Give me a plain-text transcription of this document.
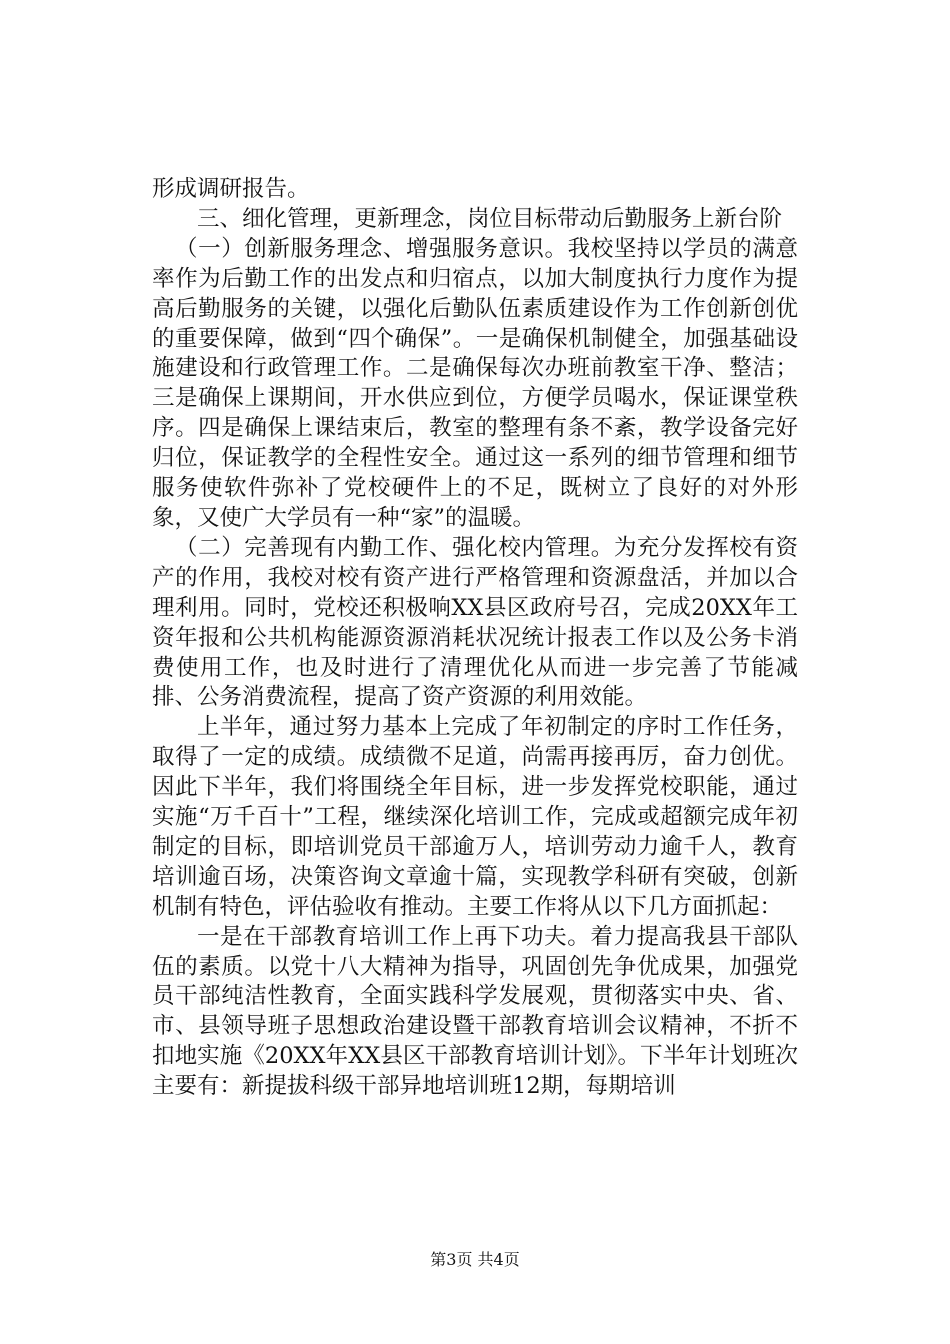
形成调研报告。

三、细化管理，更新理念，岗位目标带动后勤服务上新台阶

（一）创新服务理念、增强服务意识。我校坚持以学员的满意率作为后勤工作的出发点和归宿点，以加大制度执行力度作为提高后勤服务的关键，以强化后勤队伍素质建设作为工作创新创优的重要保障，做到“四个确保”。一是确保机制健全，加强基础设施建设和行政管理工作。二是确保每次办班前教室干净、整洁；三是确保上课期间，开水供应到位，方便学员喝水，保证课堂秩序。四是确保上课结束后，教室的整理有条不紊，教学设备完好归位，保证教学的全程性安全。通过这一系列的细节管理和细节服务使软件弥补了党校硬件上的不足，既树立了良好的对外形象，又使广大学员有一种“家”的温暖。

（二）完善现有内勤工作、强化校内管理。为充分发挥校有资产的作用，我校对校有资产进行严格管理和资源盘活，并加以合理利用。同时，党校还积极响XX县区政府号召，完成20XX年工资年报和公共机构能源资源消耗状况统计报表工作以及公务卡消费使用工作，也及时进行了清理优化从而进一步完善了节能减排、公务消费流程，提高了资产资源的利用效能。

上半年，通过努力基本上完成了年初制定的序时工作任务，取得了一定的成绩。成绩微不足道，尚需再接再厉，奋力创优。因此下半年，我们将围绕全年目标，进一步发挥党校职能，通过实施“万千百十”工程，继续深化培训工作，完成或超额完成年初制定的目标，即培训党员干部逾万人，培训劳动力逾千人，教育培训逾百场，决策咨询文章逾十篇，实现教学科研有突破，创新机制有特色，评估验收有推动。主要工作将从以下几方面抓起：

一是在干部教育培训工作上再下功夫。着力提高我县干部队伍的素质。以党十八大精神为指导，巩固创先争优成果，加强党员干部纯洁性教育，全面实践科学发展观，贯彻落实中央、省、市、县领导班子思想政治建设暨干部教育培训会议精神，不折不扣地实施《20XX年XX县区干部教育培训计划》。下半年计划班次主要有：新提拔科级干部异地培训班12期，每期培训

第3页 共4页
